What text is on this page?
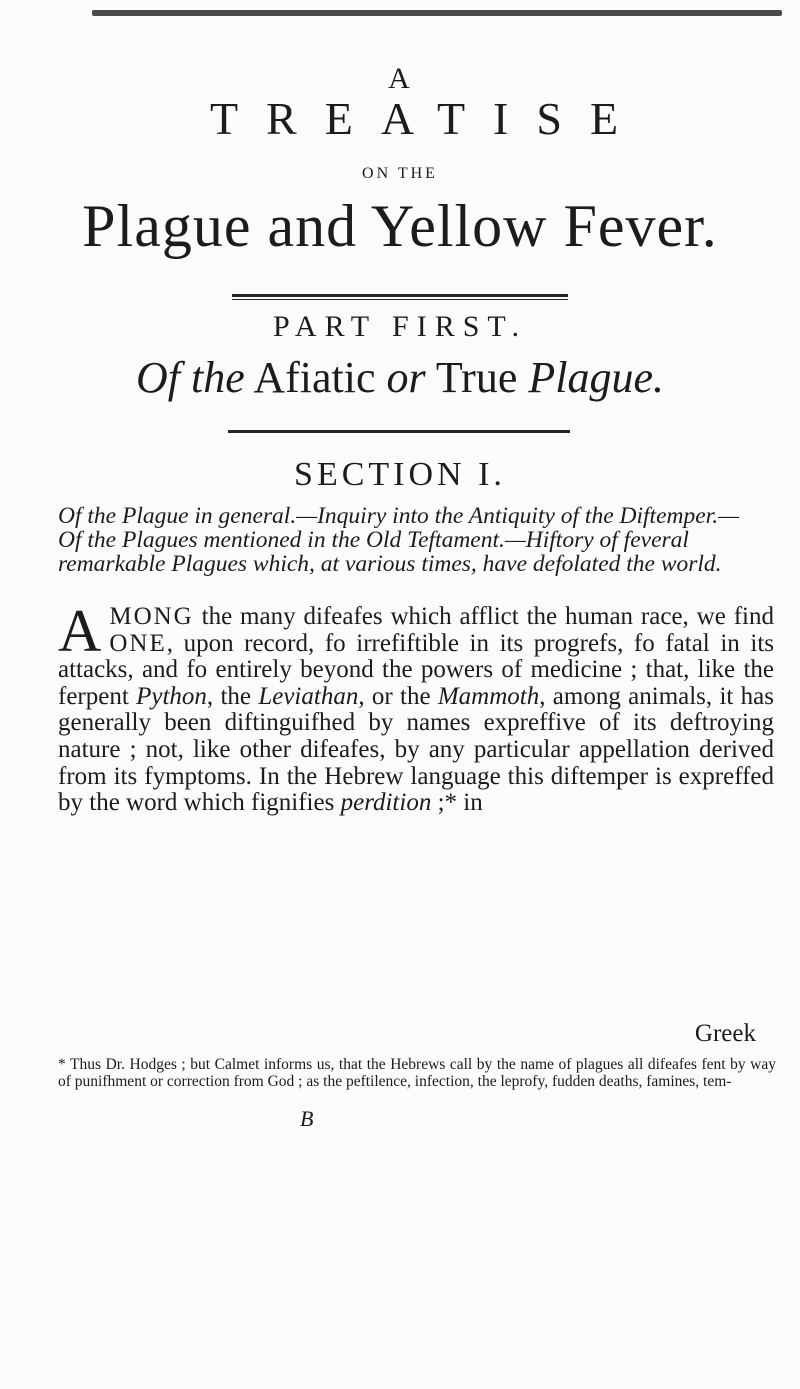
A
TREATISE
ON THE
Plague and Yellow Fever.
PART FIRST.
Of the Afiatic or True Plague.
SECTION I.
Of the Plague in general.—Inquiry into the Antiquity of the Diftemper.—Of the Plagues mentioned in the Old Teftament.—Hiftory of feveral remarkable Plagues which, at various times, have defolated the world.
AMONG the many difeafes which afflict the human race, we find ONE, upon record, fo irrefiftible in its progrefs, fo fatal in its attacks, and fo entirely beyond the powers of medicine ; that, like the ferpent Python, the Leviathan, or the Mammoth, among animals, it has generally been diftinguifhed by names expreffive of its deftroying nature ; not, like other difeafes, by any particular appellation derived from its fymptoms. In the Hebrew language this diftemper is expreffed by the word which fignifies perdition ;* in
Greek
* Thus Dr. Hodges ; but Calmet informs us, that the Hebrews call by the name of plagues all difeafes fent by way of punifhment or correction from God ; as the peftilence, infection, the leprofy, fudden deaths, famines, tem-
B
